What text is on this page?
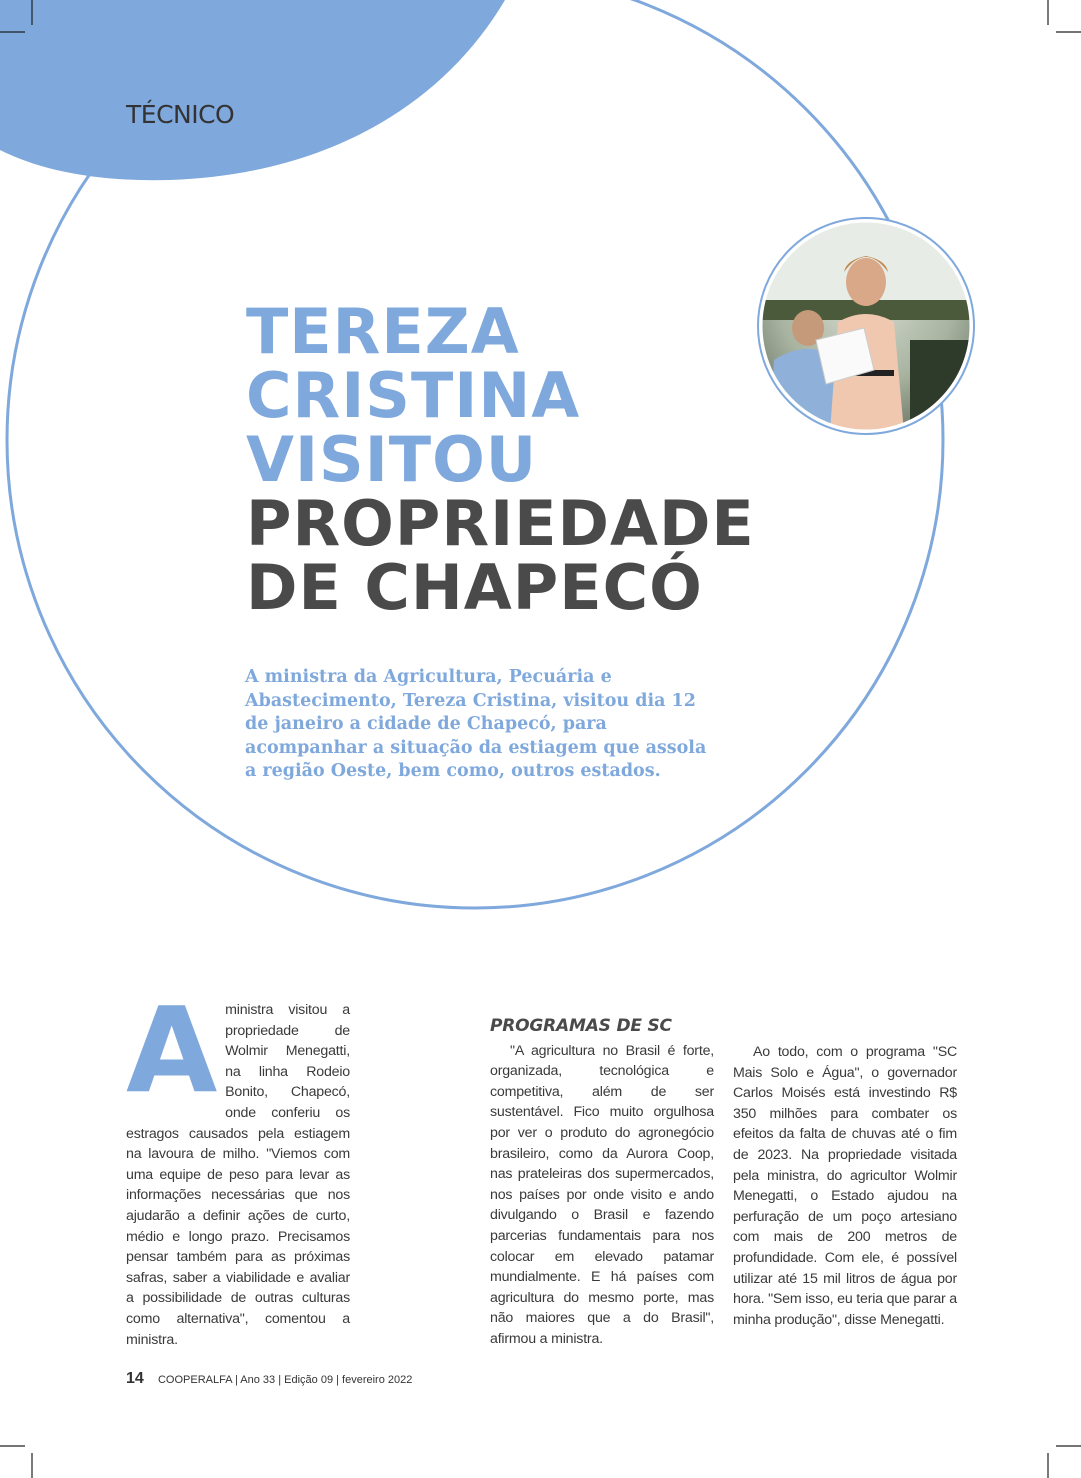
TÉCNICO
TEREZA
CRISTINA
VISITOU
PROPRIEDADE
DE CHAPECÓ

A ministra da Agricultura, Pecuária e Abastecimento, Tereza Cristina, visitou dia 12 de janeiro a cidade de Chapecó, para acompanhar a situação da estiagem que assola a região Oeste, bem como, outros estados.

A ministra visitou a propriedade de Wolmir Menegatti, na linha Rodeio Bonito, Chapecó, onde conferiu os estragos causados pela estiagem na lavoura de milho. "Viemos com uma equipe de peso para levar as informações necessárias que nos ajudarão a definir ações de curto, médio e longo prazo. Precisamos pensar também para as próximas safras, saber a viabilidade e avaliar a possibilidade de outras culturas como alternativa", comentou a ministra.

PROGRAMAS DE SC

"A agricultura no Brasil é forte, organizada, tecnológica e competitiva, além de ser sustentável. Fico muito orgulhosa por ver o produto do agronegócio brasileiro, como da Aurora Coop, nas prateleiras dos supermercados, nos países por onde visito e ando divulgando o Brasil e fazendo parcerias fundamentais para nos colocar em elevado patamar mundialmente. E há países com agricultura do mesmo porte, mas não maiores que a do Brasil", afirmou a ministra.

Ao todo, com o programa "SC Mais Solo e Água", o governador Carlos Moisés está investindo R$ 350 milhões para combater os efeitos da falta de chuvas até o fim de 2023. Na propriedade visitada pela ministra, do agricultor Wolmir Menegatti, o Estado ajudou na perfuração de um poço artesiano com mais de 200 metros de profundidade. Com ele, é possível utilizar até 15 mil litros de água por hora. "Sem isso, eu teria que parar a minha produção", disse Menegatti.

14 COOPERALFA | Ano 33 | Edição 09 | fevereiro 2022
